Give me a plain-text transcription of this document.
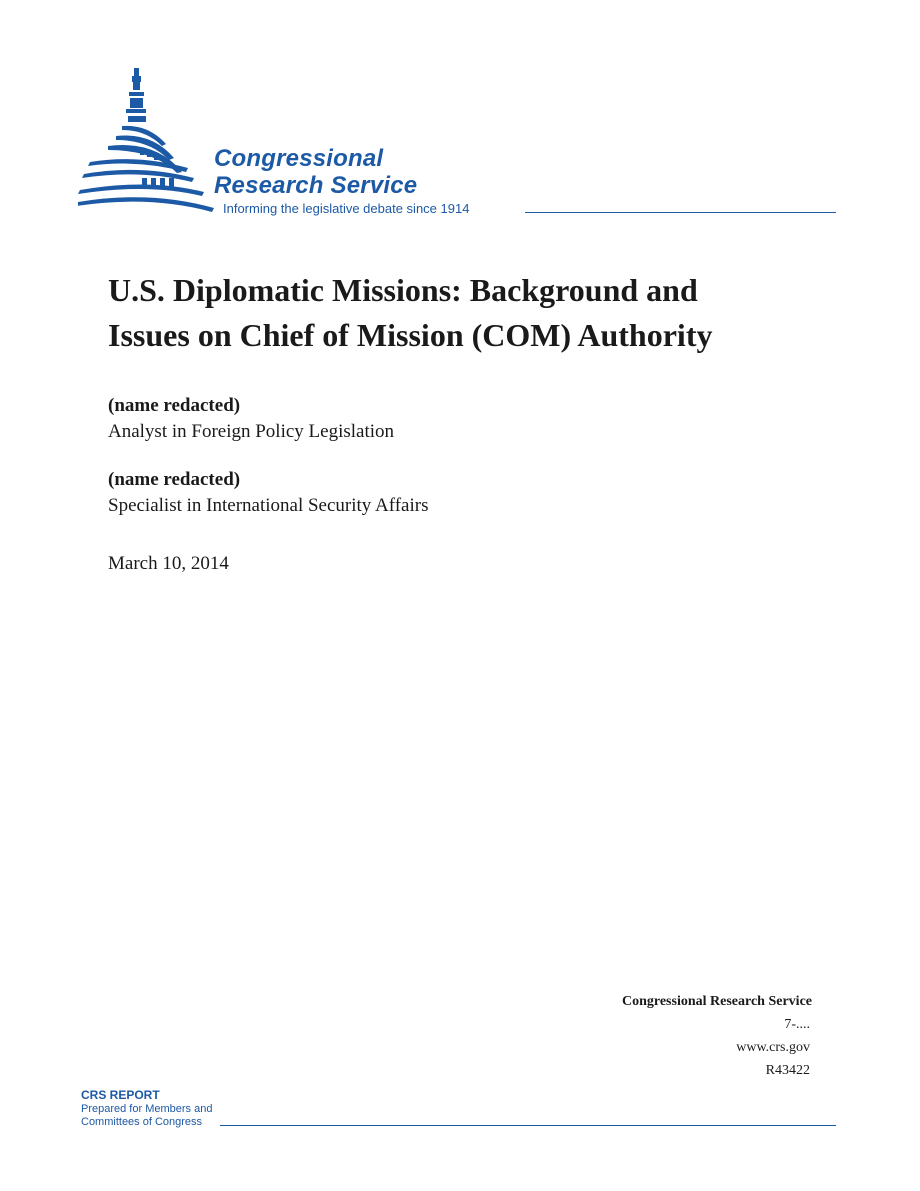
Congressional
Research Service
Informing the legislative debate since 1914
U.S. Diplomatic Missions: Background and
Issues on Chief of Mission (COM) Authority
(name redacted)
Analyst in Foreign Policy Legislation
(name redacted)
Specialist in International Security Affairs
March 10, 2014
Congressional Research Service
7-....
www.crs.gov
R43422
CRS REPORT
Prepared for Members and
Committees of Congress
